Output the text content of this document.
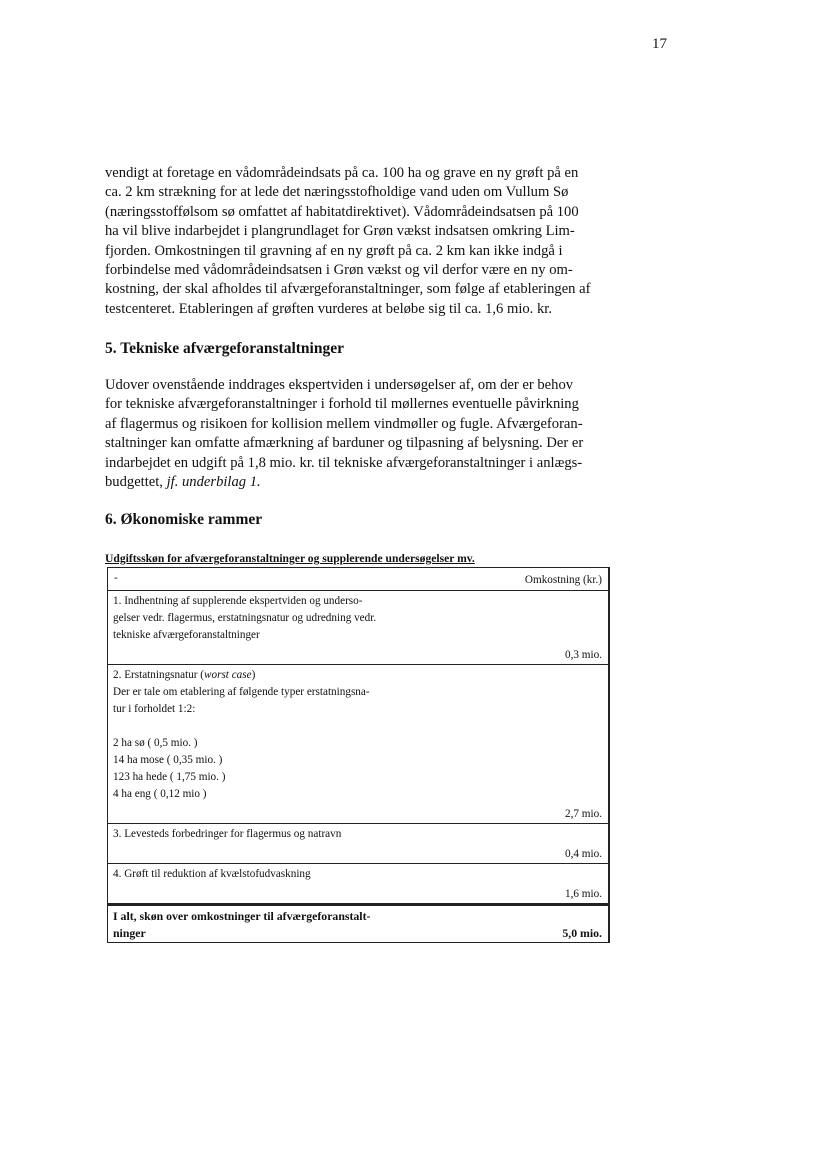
17
vendigt at foretage en vådområdeindsats på ca. 100 ha og grave en ny grøft på en
ca. 2 km strækning for at lede det næringsstofholdige vand uden om Vullum Sø
(næringsstoffølsom sø omfattet af habitatdirektivet). Vådområdeindsatsen på 100
ha vil blive indarbejdet i plangrundlaget for Grøn vækst indsatsen omkring Lim-
fjorden. Omkostningen til gravning af en ny grøft på ca. 2 km kan ikke indgå i
forbindelse med vådområdeindsatsen i Grøn vækst og vil derfor være en ny om-
kostning, der skal afholdes til afværgeforanstaltninger, som følge af etableringen af
testcenteret. Etableringen af grøften vurderes at beløbe sig til ca. 1,6 mio. kr.
5. Tekniske afværgeforanstaltninger
Udover ovenstående inddrages ekspertviden i undersøgelser af, om der er behov
for tekniske afværgeforanstaltninger i forhold til møllernes eventuelle påvirkning
af flagermus og risikoen for kollision mellem vindmøller og fugle. Afværgeforan-
staltninger kan omfatte afmærkning af barduner og tilpasning af belysning. Der er
indarbejdet en udgift på 1,8 mio. kr. til tekniske afværgeforanstaltninger i anlægs-
budgettet, jf. underbilag 1.
6. Økonomiske rammer
Udgiftsskøn for afværgeforanstaltninger og supplerende undersøgelser mv.
-	Omkostning (kr.)
1. Indhentning af supplerende ekspertviden og underso-
gelser vedr. flagermus, erstatningsnatur og udredning vedr.
tekniske afværgeforanstaltninger
0,3 mio.
2. Erstatningsnatur (worst case)
Der er tale om etablering af følgende typer erstatningsna-
tur i forholdet 1:2:
2 ha sø ( 0,5 mio. )
14 ha mose ( 0,35 mio. )
123 ha hede ( 1,75 mio. )
4 ha eng ( 0,12 mio )
2,7 mio.
3. Levesteds forbedringer for flagermus og natravn
0,4 mio.
4. Grøft til reduktion af kvælstofudvaskning
1,6 mio.
I alt, skøn over omkostninger til afværgeforanstalt-
ninger	5,0 mio.
